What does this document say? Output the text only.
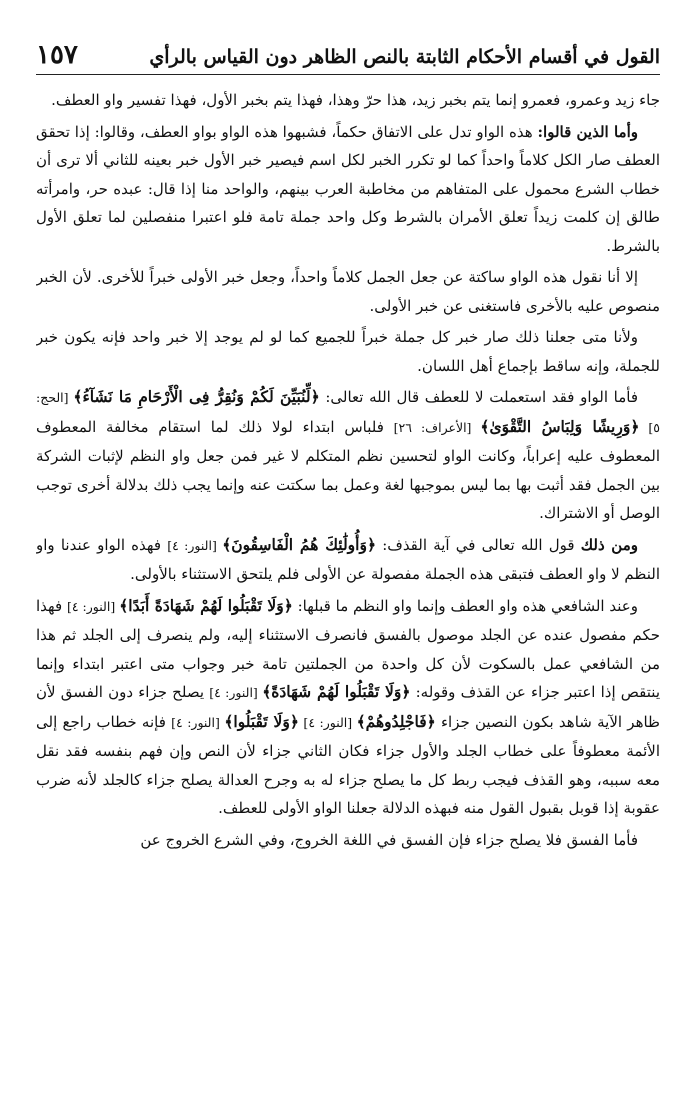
القول في أقسام الأحكام الثابتة بالنص الظاهر دون القياس بالرأي
١٥٧

جاء زيد وعمرو، فعمرو إنما يتم بخبر زيد، هذا حرّ وهذا، فهذا يتم بخبر الأول، فهذا تفسير واو العطف.

وأما الذين قالوا: هذه الواو تدل على الاتفاق حكماً، فشبهوا هذه الواو بواو العطف، وقالوا: إذا تحقق العطف صار الكل كلاماً واحداً كما لو تكرر الخبر لكل اسم فيصير خبر الأول خبر بعينه للثاني ألا ترى أن خطاب الشرع محمول على المتفاهم من مخاطبة العرب بينهم، والواحد منا إذا قال: عبده حر، وامرأته طالق إن كلمت زيداً تعلق الأمران بالشرط وكل واحد جملة تامة فلو اعتبرا منفصلين لما تعلق الأول بالشرط.

إلا أنا نقول هذه الواو ساكتة عن جعل الجمل كلاماً واحداً، وجعل خبر الأولى خبراً للأخرى. لأن الخبر منصوص عليه بالأخرى فاستغنى عن خبر الأولى.

ولأنا متى جعلنا ذلك صار خبر كل جملة خبراً للجميع كما لو لم يوجد إلا خبر واحد فإنه يكون خبر للجملة، وإنه ساقط بإجماع أهل اللسان.

فأما الواو فقد استعملت لا للعطف قال الله تعالى: ﴿لِّنُبَيِّنَ لَكُمْ وَنُقِرُّ فِى الْأَرْحَامِ مَا نَشَآءُ﴾ [الحج: ٥] ﴿وَرِيشًا وَلِبَاسُ التَّقْوَىٰ﴾ [الأعراف: ٢٦] فلباس ابتداء لولا ذلك لما استقام مخالفة المعطوف المعطوف عليه إعراباً، وكانت الواو لتحسين نظم المتكلم لا غير فمن جعل واو النظم لإثبات الشركة بين الجمل فقد أثبت بها بما ليس بموجبها لغة وعمل بما سكتت عنه وإنما يجب ذلك بدلالة أخرى توجب الوصل أو الاشتراك.

ومن ذلك قول الله تعالى في آية القذف: ﴿وَأُولَٰئِكَ هُمُ الْفَاسِقُونَ﴾ [النور: ٤] فهذه الواو عندنا واو النظم لا واو العطف فتبقى هذه الجملة مفصولة عن الأولى فلم يلتحق الاستثناء بالأولى.

وعند الشافعي هذه واو العطف وإنما واو النظم ما قبلها: ﴿وَلَا تَقْبَلُوا لَهُمْ شَهَادَةً أَبَدًا﴾ [النور: ٤] فهذا حكم مفصول عنده عن الجلد موصول بالفسق فانصرف الاستثناء إليه، ولم ينصرف إلى الجلد ثم هذا من الشافعي عمل بالسكوت لأن كل واحدة من الجملتين تامة خبر وجواب متى اعتبر ابتداء وإنما ينتقص إذا اعتبر جزاء عن القذف وقوله: ﴿وَلَا تَقْبَلُوا لَهُمْ شَهَادَةً﴾ [النور: ٤] يصلح جزاء دون الفسق لأن ظاهر الآية شاهد بكون النصين جزاء ﴿فَاجْلِدُوهُمْ﴾ [النور: ٤] ﴿وَلَا تَقْبَلُوا﴾ [النور: ٤] فإنه خطاب راجع إلى الأئمة معطوفاً على خطاب الجلد والأول جزاء فكان الثاني جزاء لأن النص وإن فهم بنفسه فقد نقل معه سببه، وهو القذف فيجب ربط كل ما يصلح جزاء له به وجرح العدالة يصلح جزاء كالجلد لأنه ضرب عقوبة إذا قوبل بقبول القول منه فبهذه الدلالة جعلنا الواو الأولى للعطف.

فأما الفسق فلا يصلح جزاء فإن الفسق في اللغة الخروج، وفي الشرع الخروج عن
